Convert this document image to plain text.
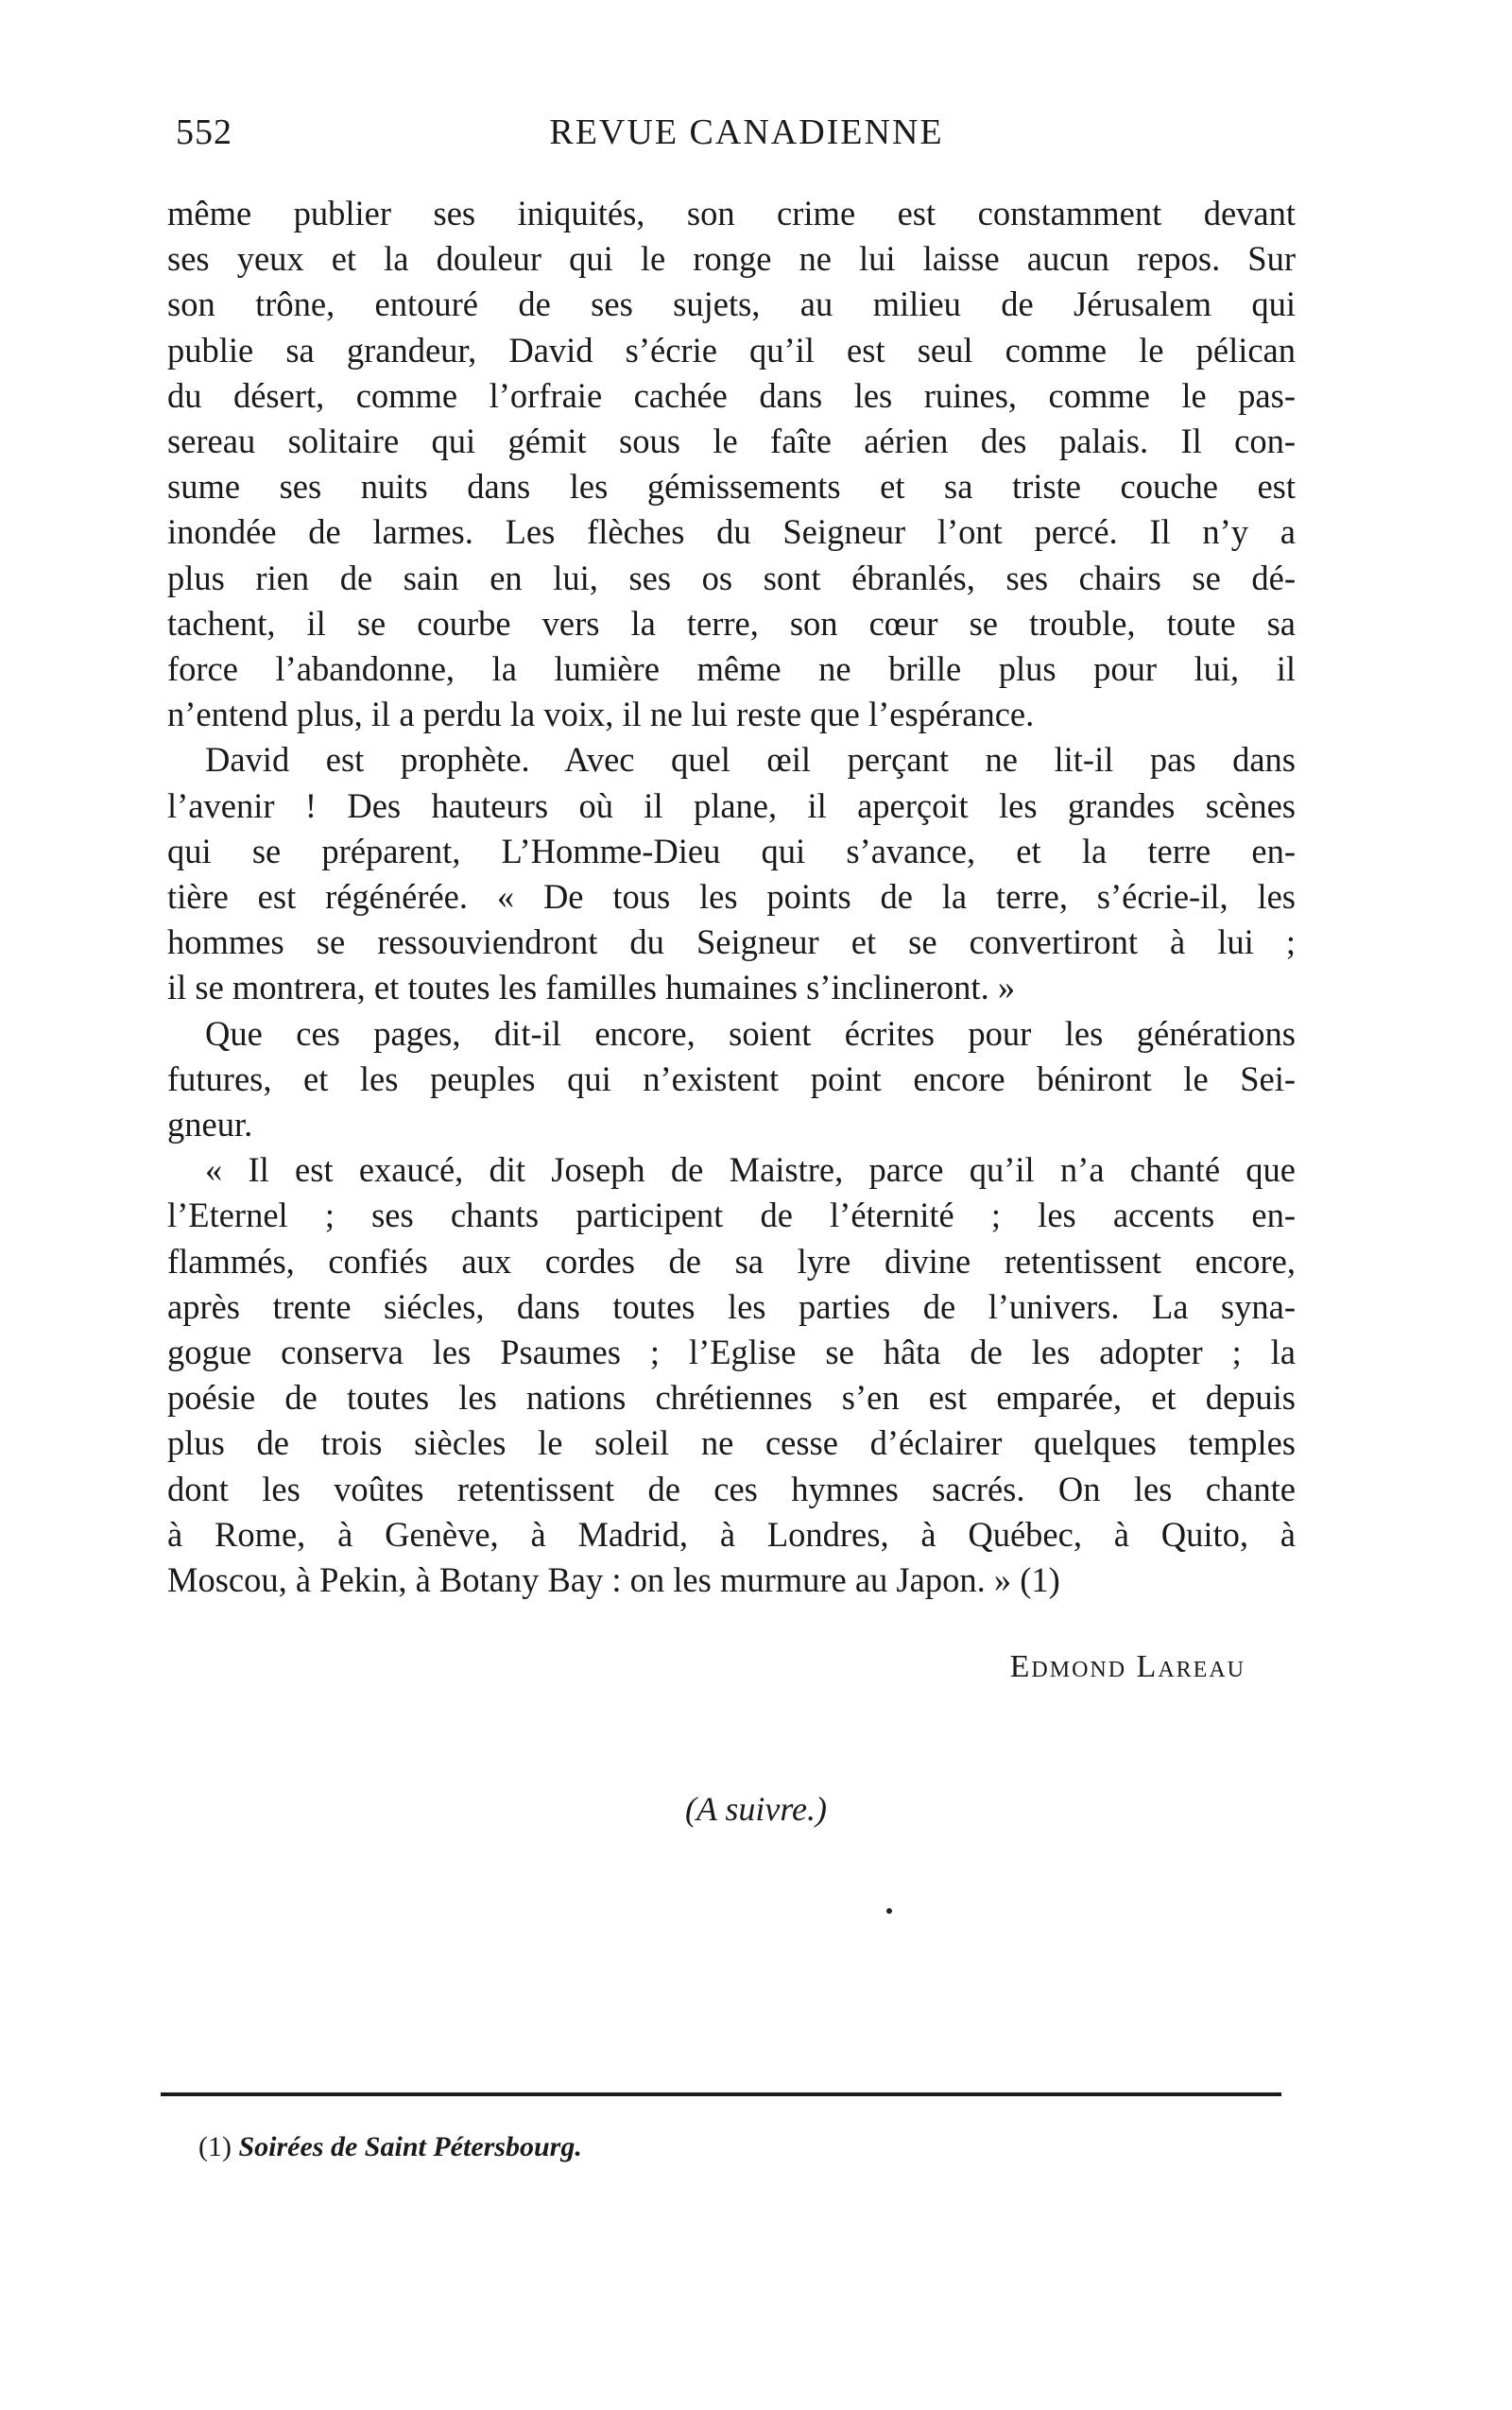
552	REVUE CANADIENNE

même publier ses iniquités, son crime est constamment devant
ses yeux et la douleur qui le ronge ne lui laisse aucun repos. Sur
son trône, entouré de ses sujets, au milieu de Jérusalem qui
publie sa grandeur, David s’écrie qu’il est seul comme le pélican
du désert, comme l’orfraie cachée dans les ruines, comme le pas-
sereau solitaire qui gémit sous le faîte aérien des palais. Il con-
sume ses nuits dans les gémissements et sa triste couche est
inondée de larmes. Les flèches du Seigneur l’ont percé. Il n’y a
plus rien de sain en lui, ses os sont ébranlés, ses chairs se dé-
tachent, il se courbe vers la terre, son cœur se trouble, toute sa
force l’abandonne, la lumière même ne brille plus pour lui, il
n’entend plus, il a perdu la voix, il ne lui reste que l’espérance.

David est prophète. Avec quel œil perçant ne lit-il pas dans
l’avenir ! Des hauteurs où il plane, il aperçoit les grandes scènes
qui se préparent, L’Homme-Dieu qui s’avance, et la terre en-
tière est régénérée. « De tous les points de la terre, s’écrie-il, les
hommes se ressouviendront du Seigneur et se convertiront à lui ;
il se montrera, et toutes les familles humaines s’inclineront. »

Que ces pages, dit-il encore, soient écrites pour les générations
futures, et les peuples qui n’existent point encore béniront le Sei-
gneur.

« Il est exaucé, dit Joseph de Maistre, parce qu’il n’a chanté que
l’Eternel ; ses chants participent de l’éternité ; les accents en-
flammés, confiés aux cordes de sa lyre divine retentissent encore,
après trente siécles, dans toutes les parties de l’univers. La syna-
gogue conserva les Psaumes ; l’Eglise se hâta de les adopter ; la
poésie de toutes les nations chrétiennes s’en est emparée, et depuis
plus de trois siècles le soleil ne cesse d’éclairer quelques temples
dont les voûtes retentissent de ces hymnes sacrés. On les chante
à Rome, à Genève, à Madrid, à Londres, à Québec, à Quito, à
Moscou, à Pekin, à Botany Bay : on les murmure au Japon. » (1)

Edmond Lareau
(A suivre.)
(1) Soirées de Saint Pétersbourg.
